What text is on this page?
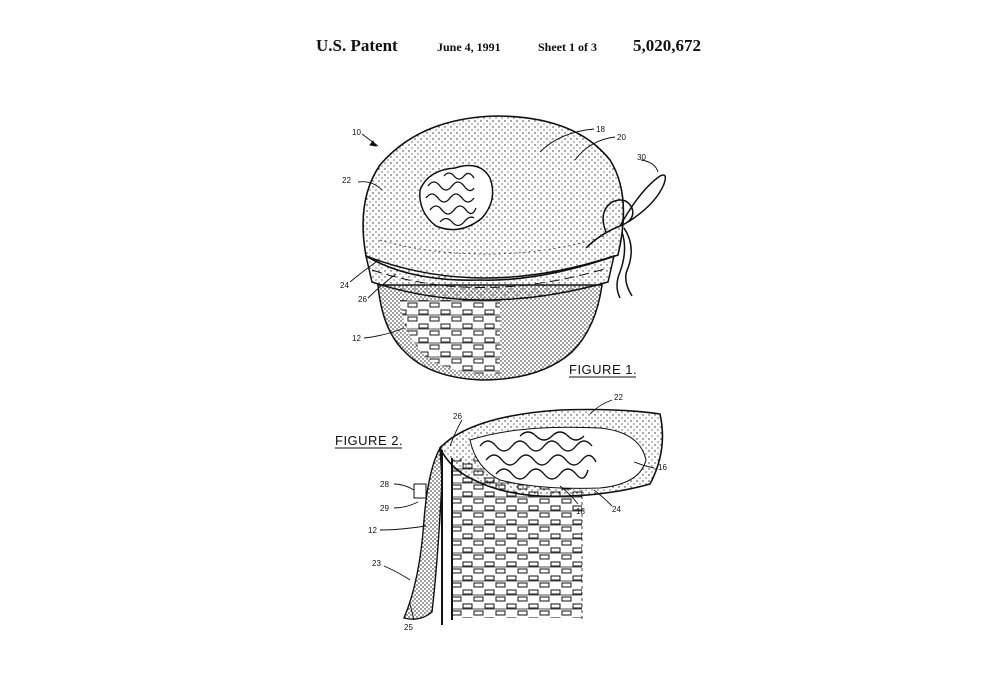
U.S. Patent	June 4, 1991	Sheet 1 of 3 5,020,672
10	18
20
22
30
24
26
12
FIGURE 1.
26
22
16
28
29
12
18	24
23
25
FIGURE 2.
